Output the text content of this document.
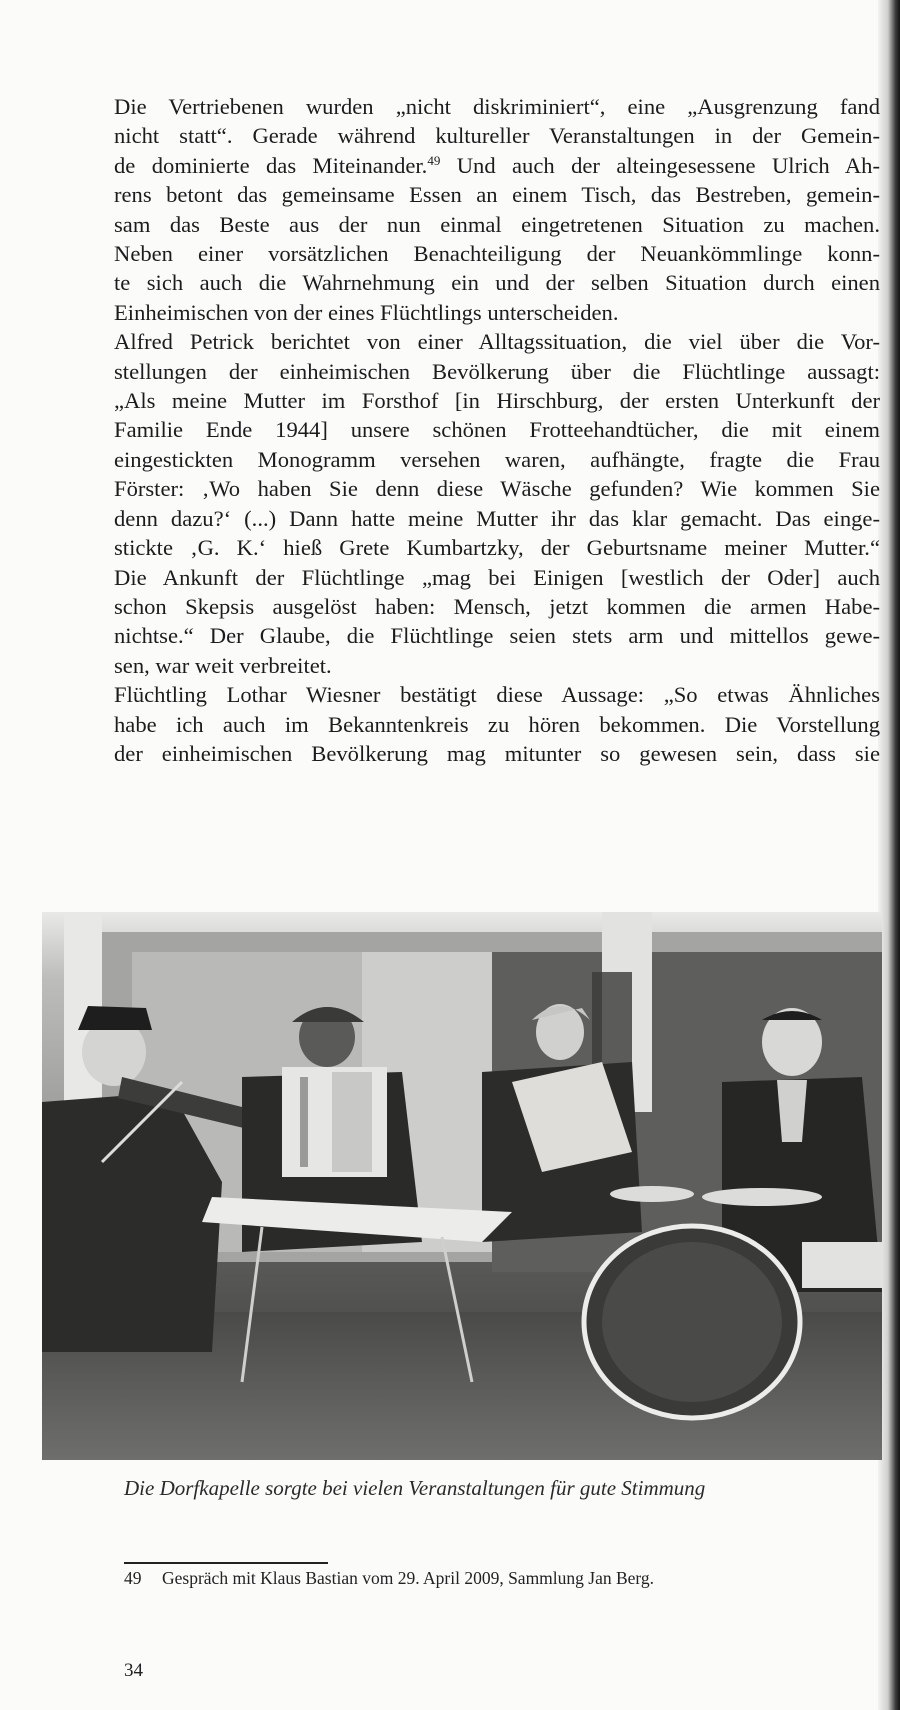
Die Vertriebenen wurden „nicht diskriminiert“, eine „Ausgrenzung fand
nicht statt“. Gerade während kultureller Veranstaltungen in der Gemein-
de dominierte das Miteinander.$^{49}$ Und auch der alteingesessene Ulrich Ah-
rens betont das gemeinsame Essen an einem Tisch, das Bestreben, gemein-
sam das Beste aus der nun einmal eingetretenen Situation zu machen.
Neben einer vorsätzlichen Benachteiligung der Neuankömmlinge konn-
te sich auch die Wahrnehmung ein und der selben Situation durch einen
Einheimischen von der eines Flüchtlings unterscheiden.
Alfred Petrick berichtet von einer Alltagssituation, die viel über die Vor-
stellungen der einheimischen Bevölkerung über die Flüchtlinge aussagt:
„Als meine Mutter im Forsthof [in Hirschburg, der ersten Unterkunft der
Familie Ende 1944] unsere schönen Frotteehandtücher, die mit einem
eingestickten Monogramm versehen waren, aufhängte, fragte die Frau
Förster: ‚Wo haben Sie denn diese Wäsche gefunden? Wie kommen Sie
denn dazu?‘ (...) Dann hatte meine Mutter ihr das klar gemacht. Das einge-
stickte ‚G. K.‘ hieß Grete Kumbartzky, der Geburtsname meiner Mutter.“
Die Ankunft der Flüchtlinge „mag bei Einigen [westlich der Oder] auch
schon Skepsis ausgelöst haben: Mensch, jetzt kommen die armen Habe-
nichtse.“ Der Glaube, die Flüchtlinge seien stets arm und mittellos gewe-
sen, war weit verbreitet.
Flüchtling Lothar Wiesner bestätigt diese Aussage: „So etwas Ähnliches
habe ich auch im Bekanntenkreis zu hören bekommen. Die Vorstellung
der einheimischen Bevölkerung mag mitunter so gewesen sein, dass sie
Die Dorfkapelle sorgte bei vielen Veranstaltungen für gute Stimmung
49 Gespräch mit Klaus Bastian vom 29. April 2009, Sammlung Jan Berg.
34
